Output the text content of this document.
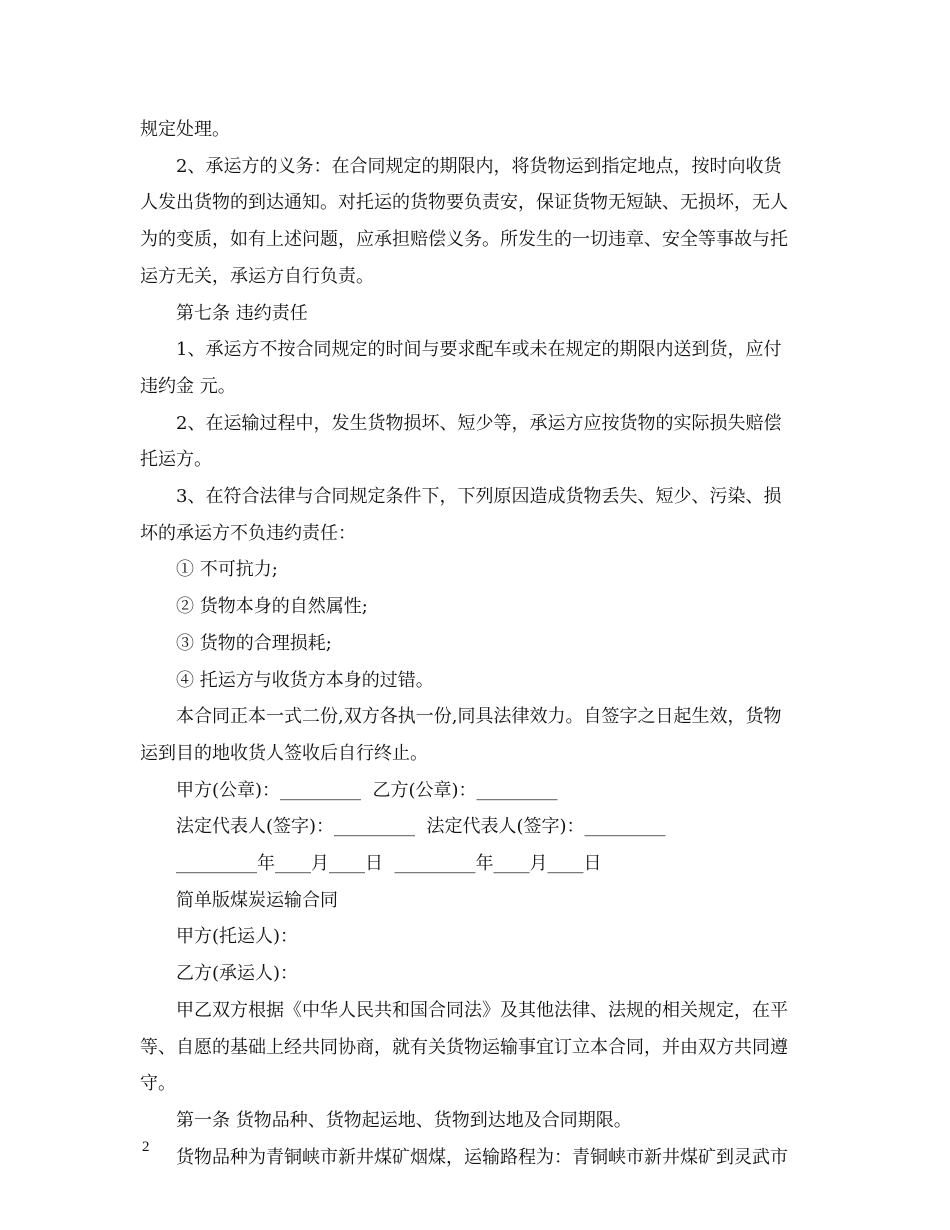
规定处理。

2、承运方的义务：在合同规定的期限内，将货物运到指定地点，按时向收货

人发出货物的到达通知。对托运的货物要负责安，保证货物无短缺、无损坏，无人

为的变质，如有上述问题，应承担赔偿义务。所发生的一切违章、安全等事故与托

运方无关，承运方自行负责。

第七条 违约责任

1、承运方不按合同规定的时间与要求配车或未在规定的期限内送到货，应付

违约金 元。

2、在运输过程中，发生货物损坏、短少等，承运方应按货物的实际损失赔偿

托运方。

3、在符合法律与合同规定条件下，下列原因造成货物丢失、短少、污染、损

坏的承运方不负违约责任：

① 不可抗力;

② 货物本身的自然属性;

③ 货物的合理损耗;

④ 托运方与收货方本身的过错。

本合同正本一式二份,双方各执一份,同具法律效力。自签字之日起生效，货物

运到目的地收货人签收后自行终止。

甲方(公章)：_________  乙方(公章)：_________

法定代表人(签字)：_________  法定代表人(签字)：_________

_________年____月____日  _________年____月____日

简单版煤炭运输合同

甲方(托运人)：

乙方(承运人)：

甲乙双方根据《中华人民共和国合同法》及其他法律、法规的相关规定，在平

等、自愿的基础上经共同协商，就有关货物运输事宜订立本合同，并由双方共同遵

守。

第一条 货物品种、货物起运地、货物到达地及合同期限。

货物品种为青铜峡市新井煤矿烟煤，运输路程为：青铜峡市新井煤矿到灵武市

2
